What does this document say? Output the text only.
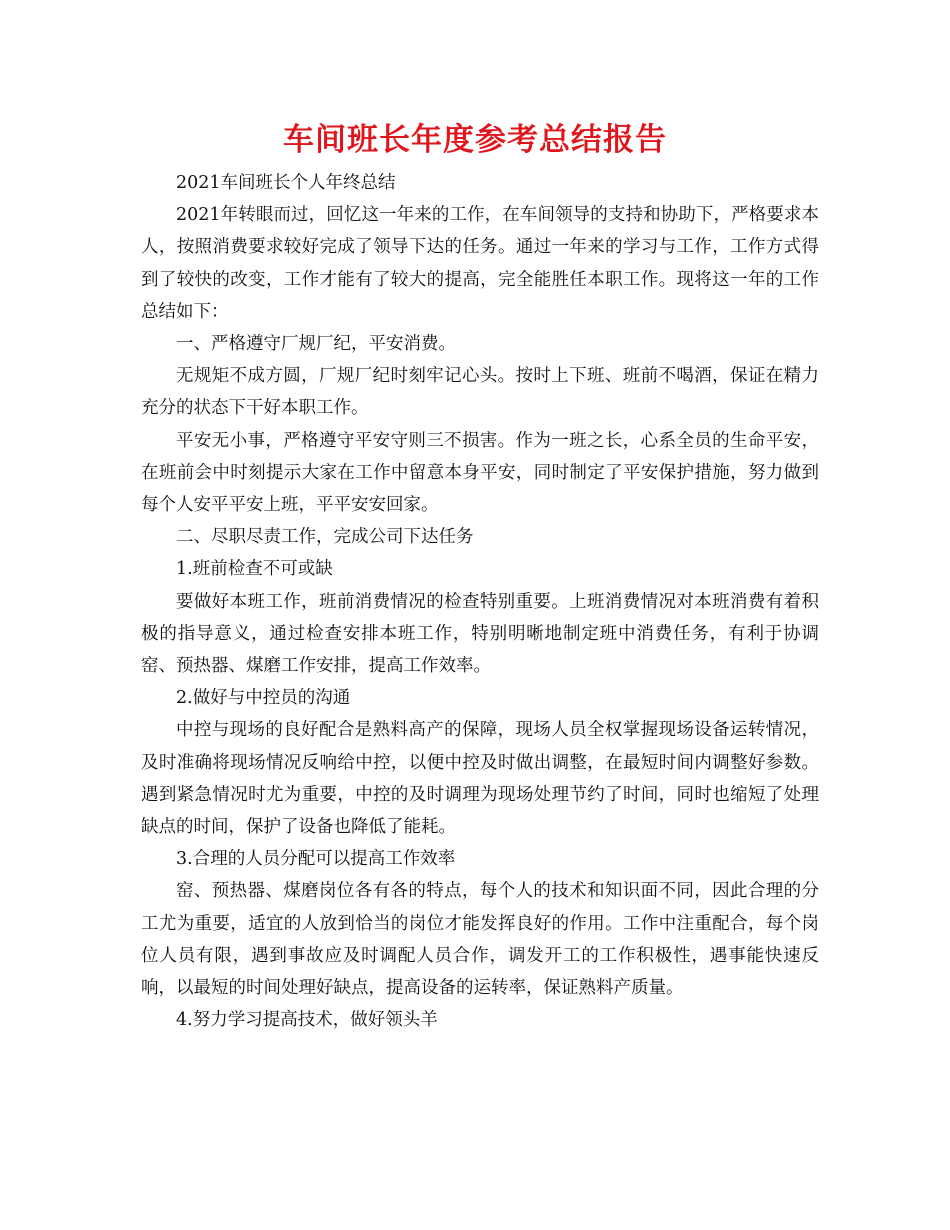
车间班长年度参考总结报告

2021车间班长个人年终总结

2021年转眼而过，回忆这一年来的工作，在车间领导的支持和协助下，严格要求本人，按照消费要求较好完成了领导下达的任务。通过一年来的学习与工作，工作方式得到了较快的改变，工作才能有了较大的提高，完全能胜任本职工作。现将这一年的工作总结如下：

一、严格遵守厂规厂纪，平安消费。

无规矩不成方圆，厂规厂纪时刻牢记心头。按时上下班、班前不喝酒，保证在精力充分的状态下干好本职工作。

平安无小事，严格遵守平安守则三不损害。作为一班之长，心系全员的生命平安，在班前会中时刻提示大家在工作中留意本身平安，同时制定了平安保护措施，努力做到每个人安平平安上班，平平安安回家。

二、尽职尽责工作，完成公司下达任务

1.班前检查不可或缺

要做好本班工作，班前消费情况的检查特别重要。上班消费情况对本班消费有着积极的指导意义，通过检查安排本班工作，特别明晰地制定班中消费任务，有利于协调窑、预热器、煤磨工作安排，提高工作效率。

2.做好与中控员的沟通

中控与现场的良好配合是熟料高产的保障，现场人员全权掌握现场设备运转情况，及时准确将现场情况反响给中控，以便中控及时做出调整，在最短时间内调整好参数。遇到紧急情况时尤为重要，中控的及时调理为现场处理节约了时间，同时也缩短了处理缺点的时间，保护了设备也降低了能耗。

3.合理的人员分配可以提高工作效率

窑、预热器、煤磨岗位各有各的特点，每个人的技术和知识面不同，因此合理的分工尤为重要，适宜的人放到恰当的岗位才能发挥良好的作用。工作中注重配合，每个岗位人员有限，遇到事故应及时调配人员合作，调发开工的工作积极性，遇事能快速反响，以最短的时间处理好缺点，提高设备的运转率，保证熟料产质量。

4.努力学习提高技术，做好领头羊
